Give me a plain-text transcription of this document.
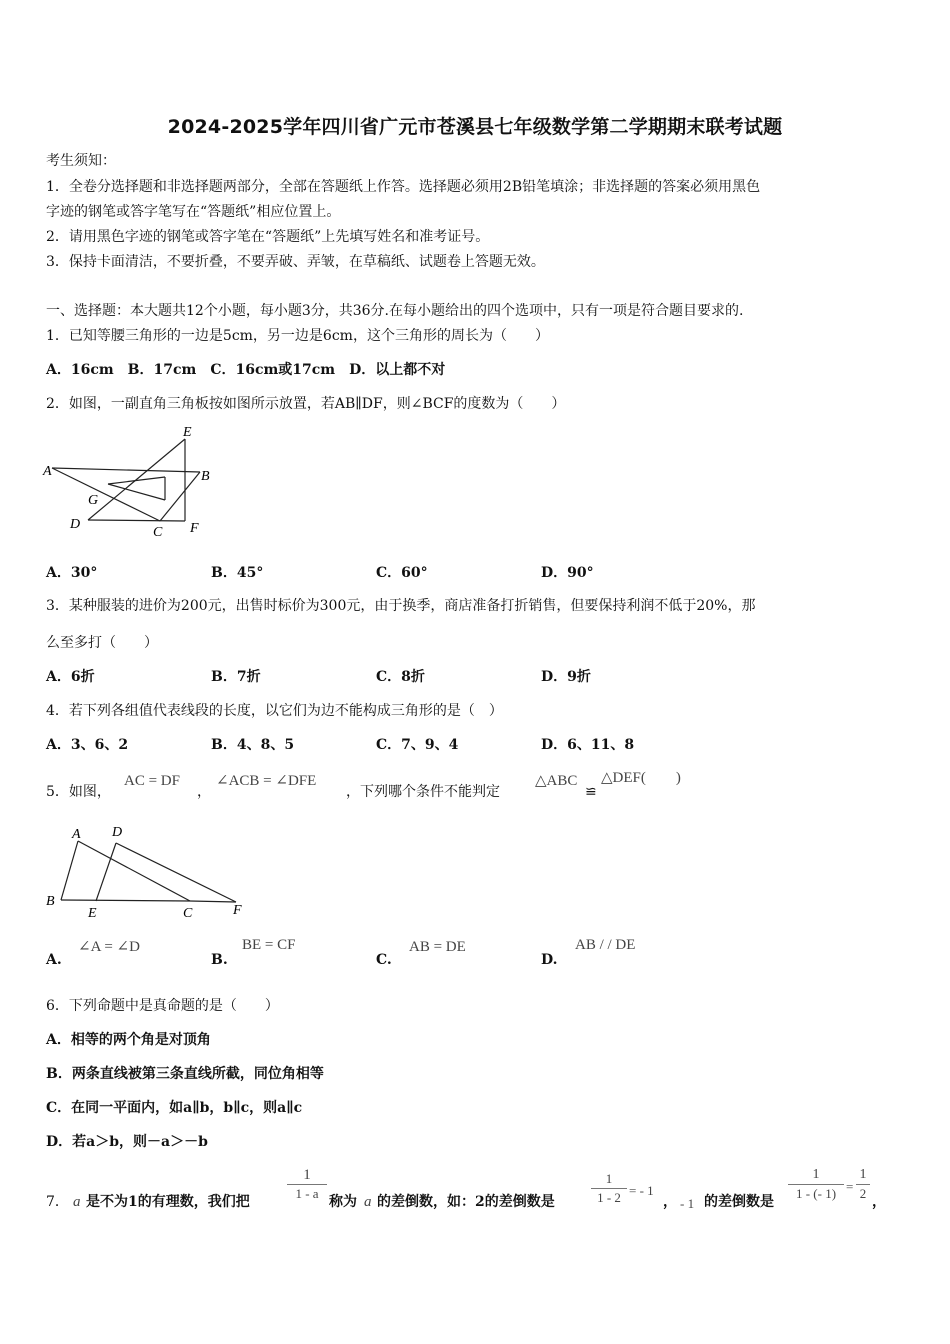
2024-2025学年四川省广元市苍溪县七年级数学第二学期期末联考试题
考生须知：
1．全卷分选择题和非选择题两部分，全部在答题纸上作答。选择题必须用2B铅笔填涂；非选择题的答案必须用黑色
字迹的钢笔或答字笔写在“答题纸”相应位置上。
2．请用黑色字迹的钢笔或答字笔在“答题纸”上先填写姓名和准考证号。
3．保持卡面清洁，不要折叠，不要弄破、弄皱，在草稿纸、试题卷上答题无效。
一、选择题：本大题共12个小题，每小题3分，共36分.在每小题给出的四个选项中，只有一项是符合题目要求的.
1．已知等腰三角形的一边是5cm，另一边是6cm，这个三角形的周长为（　　）
A．16cm　B．17cm　C．16cm或17cm　D．以上都不对
2．如图，一副直角三角板按如图所示放置，若AB∥DF，则∠BCF的度数为（　　）
E
A	B
G
D
C F
A．30°	B．45°	C．60°	D．90°
3．某种服装的进价为200元，出售时标价为300元，由于换季，商店准备打折销售，但要保持利润不低于20%，那
么至多打（　　）
A．6折	B．7折	C．8折	D．9折
4．若下列各组值代表线段的长度，以它们为边不能构成三角形的是（　）
A．3、6、2	B．4、8、5	C．7、9、4	D．6、11、8
5．如图，
AC = DF
，
∠ACB = ∠DFE
，下列哪个条件不能判定
△ABC
≌
△DEF(　　)
A D
B
E	C	F
A.
∠A = ∠D
B.
BE = CF
C.
AB = DE
D.
AB / / DE
6．下列命题中是真命题的是（　　）
A．相等的两个角是对顶角
B．两条直线被第三条直线所截，同位角相等
C．在同一平面内，如a∥b，b∥c，则a∥c
D．若a＞b，则－a＞－b
7． a 是不为1的有理数，我们把
1
1 - a
称为 a 的差倒数，如：2的差倒数是
1
1 - 2 = - 1
， - 1 的差倒数是
1
1 - (- 1) =
1
2
，
